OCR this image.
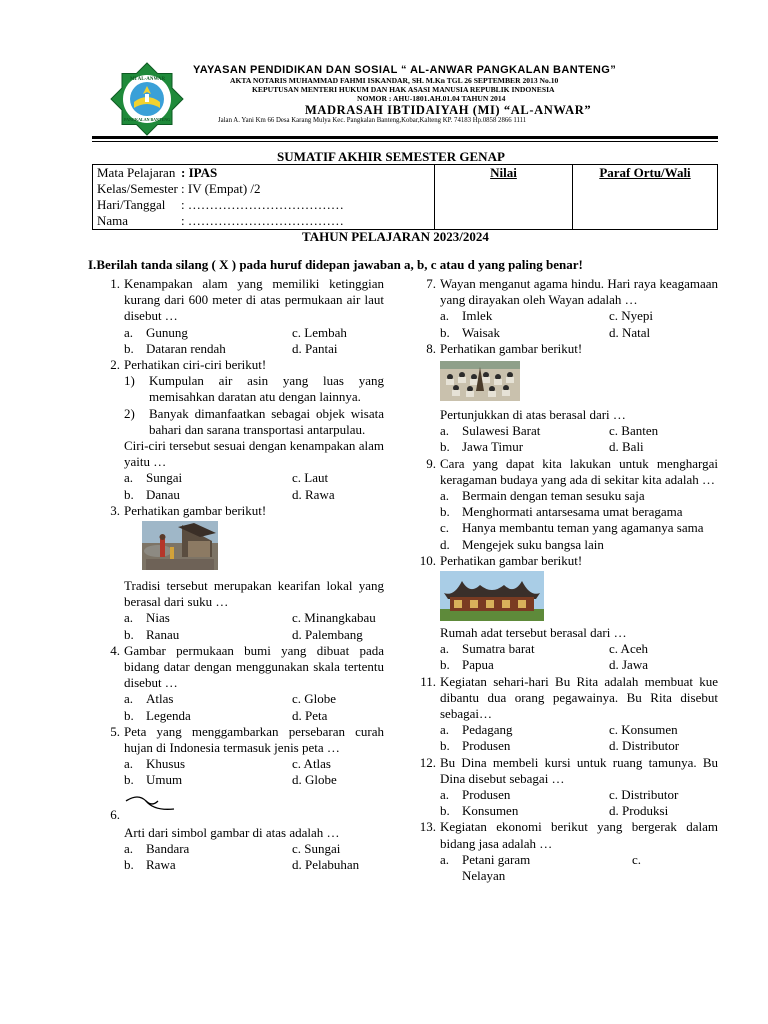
MI AL-ANWAR
PANGKALAN BANTENG
YAYASAN PENDIDIKAN DAN SOSIAL “ AL-ANWAR PANGKALAN BANTENG”
AKTA NOTARIS MUHAMMAD FAHMI ISKANDAR, SH. M.Kn TGL 26 SEPTEMBER 2013 No.10
KEPUTUSAN MENTERI HUKUM DAN HAK ASASI MANUSIA REPUBLIK INDONESIA
NOMOR : AHU-1801.AH.01.04 TAHUN 2014
MADRASAH IBTIDAIYAH (MI) “AL-ANWAR”
Jalan A. Yani Km 66 Desa Karang Mulya Kec. Pangkalan Banteng,Kobar,Kalteng KP. 74183 Hp.0858 2866 1111
SUMATIF AKHIR SEMESTER GENAP
Mata Pelajaran : IPAS
Kelas/Semester : IV (Empat) /2
Hari/Tanggal	: ………………………………
Nama	: ………………………………
	Nilai	Paraf Ortu/Wali
TAHUN PELAJARAN 2023/2024
I.Berilah tanda silang ( X ) pada huruf didepan jawaban a, b, c atau d yang paling benar!
1. Kenampakan alam yang memiliki ketinggian kurang dari 600 meter di atas permukaan air laut disebut …
a. Gunung	c. Lembah
b. Dataran rendah	d. Pantai
2. Perhatikan ciri-ciri berikut!
1) Kumpulan air asin yang luas yang memisahkan daratan atu dengan lainnya.
2) Banyak dimanfaatkan sebagai objek wisata bahari dan sarana transportasi antarpulau.
Ciri-ciri tersebut sesuai dengan kenampakan alam yaitu …
a. Sungai	c. Laut
b. Danau	d. Rawa
3. Perhatikan gambar berikut!
Tradisi tersebut merupakan kearifan lokal yang berasal dari suku …
a. Nias	c. Minangkabau
b. Ranau	d. Palembang
4. Gambar permukaan bumi yang dibuat pada bidang datar dengan menggunakan skala tertentu disebut …
a. Atlas	c. Globe
b. Legenda	d. Peta
5. Peta yang menggambarkan persebaran curah hujan di Indonesia termasuk jenis peta …
a. Khusus	c. Atlas
b. Umum	d. Globe
6.
Arti dari simbol gambar di atas adalah …
a. Bandara	c. Sungai
b. Rawa	d. Pelabuhan
7. Wayan menganut agama hindu. Hari raya keagamaan yang dirayakan oleh Wayan adalah …
a. Imlek	c. Nyepi
b. Waisak	d. Natal
8. Perhatikan gambar berikut!
Pertunjukkan di atas berasal dari …
a. Sulawesi Barat	c. Banten
b. Jawa Timur	d. Bali
9. Cara yang dapat kita lakukan untuk menghargai keragaman budaya yang ada di sekitar kita adalah …
a. Bermain dengan teman sesuku saja
b. Menghormati antarsesama umat beragama
c. Hanya membantu teman yang agamanya sama
d. Mengejek suku bangsa lain
10. Perhatikan gambar berikut!
Rumah adat tersebut berasal dari …
a. Sumatra barat	c. Aceh
b. Papua	d. Jawa
11. Kegiatan sehari-hari Bu Rita adalah membuat kue dibantu dua orang pegawainya. Bu Rita disebut sebagai…
a. Pedagang	c. Konsumen
b. Produsen	d. Distributor
12. Bu Dina membeli kursi untuk ruang tamunya. Bu Dina disebut sebagai …
a. Produsen	c. Distributor
b. Konsumen	d. Produksi
13. Kegiatan ekonomi berikut yang bergerak dalam bidang jasa adalah …
a. Petani garam	c.
Nelayan
